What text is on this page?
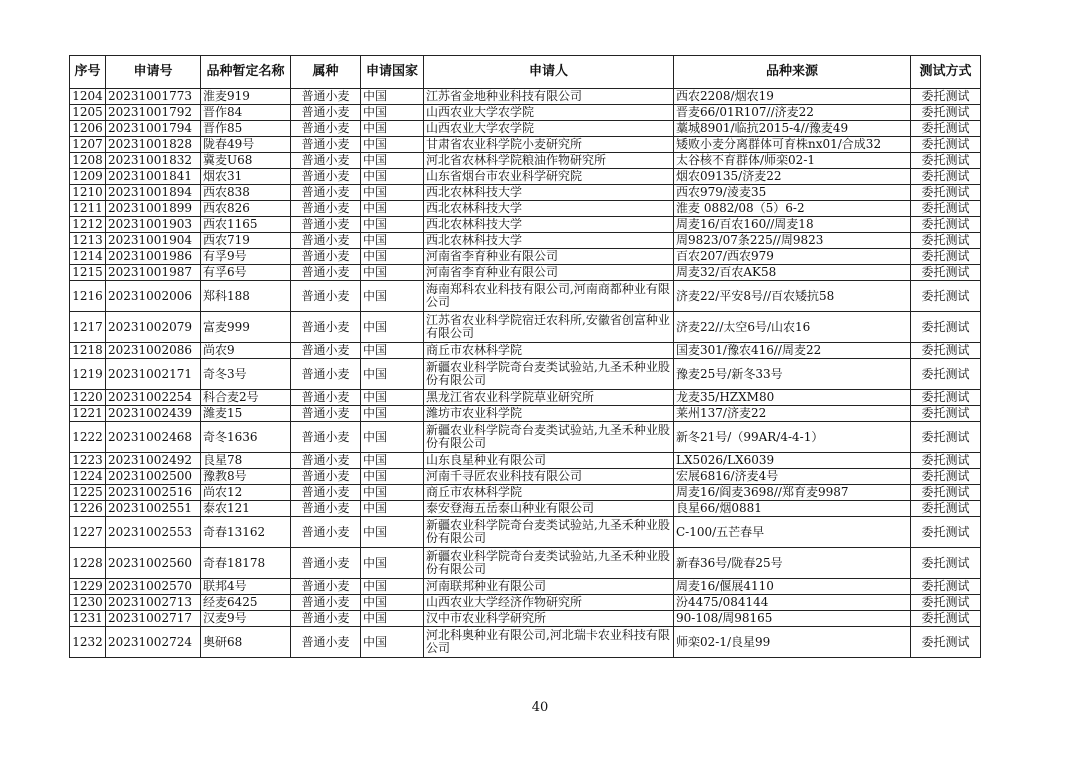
序号	申请号	品种暂定名称	属种	申请国家	申请人	品种来源	测试方式
1204	20231001773	淮麦919	普通小麦	中国	江苏省金地种业科技有限公司	西农2208/烟农19	委托测试
1205	20231001792	晋作84	普通小麦	中国	山西农业大学农学院	晋麦66/01R107//济麦22	委托测试
1206	20231001794	晋作85	普通小麦	中国	山西农业大学农学院	藁城8901/临抗2015-4//豫麦49	委托测试
1207	20231001828	陇春49号	普通小麦	中国	甘肃省农业科学院小麦研究所	矮败小麦分离群体可育株nx01/合成32	委托测试
1208	20231001832	冀麦U68	普通小麦	中国	河北省农林科学院粮油作物研究所	太谷核不育群体/师栾02-1	委托测试
1209	20231001841	烟农31	普通小麦	中国	山东省烟台市农业科学研究院	烟农09135/济麦22	委托测试
1210	20231001894	西农838	普通小麦	中国	西北农林科技大学	西农979/淩麦35	委托测试
1211	20231001899	西农826	普通小麦	中国	西北农林科技大学	淮麦 0882/08（5）6-2	委托测试
1212	20231001903	西农1165	普通小麦	中国	西北农林科技大学	周麦16/百农160//周麦18	委托测试
1213	20231001904	西农719	普通小麦	中国	西北农林科技大学	周9823/07条225//周9823	委托测试
1214	20231001986	有孚9号	普通小麦	中国	河南省李育种业有限公司	百农207/西农979	委托测试
1215	20231001987	有孚6号	普通小麦	中国	河南省李育种业有限公司	周麦32/百农AK58	委托测试
1216	20231002006	郑科188	普通小麦	中国	海南郑科农业科技有限公司,河南商都种业有限公司	济麦22/平安8号//百农矮抗58	委托测试
1217	20231002079	富麦999	普通小麦	中国	江苏省农业科学院宿迁农科所,安徽省创富种业有限公司	济麦22//太空6号/山农16	委托测试
1218	20231002086	尚农9	普通小麦	中国	商丘市农林科学院	国麦301/豫农416//周麦22	委托测试
1219	20231002171	奇冬3号	普通小麦	中国	新疆农业科学院奇台麦类试验站,九圣禾种业股份有限公司	豫麦25号/新冬33号	委托测试
1220	20231002254	科合麦2号	普通小麦	中国	黑龙江省农业科学院草业研究所	龙麦35/HZXM80	委托测试
1221	20231002439	潍麦15	普通小麦	中国	潍坊市农业科学院	莱州137/济麦22	委托测试
1222	20231002468	奇冬1636	普通小麦	中国	新疆农业科学院奇台麦类试验站,九圣禾种业股份有限公司	新冬21号/（99AR/4-4-1）	委托测试
1223	20231002492	良星78	普通小麦	中国	山东良星种业有限公司	LX5026/LX6039	委托测试
1224	20231002500	豫教8号	普通小麦	中国	河南千寻匠农业科技有限公司	宏展6816/济麦4号	委托测试
1225	20231002516	尚农12	普通小麦	中国	商丘市农林科学院	周麦16/阎麦3698//郑育麦9987	委托测试
1226	20231002551	泰农121	普通小麦	中国	泰安登海五岳泰山种业有限公司	良星66/烟0881	委托测试
1227	20231002553	奇春13162	普通小麦	中国	新疆农业科学院奇台麦类试验站,九圣禾种业股份有限公司	C-100/五芒春早	委托测试
1228	20231002560	奇春18178	普通小麦	中国	新疆农业科学院奇台麦类试验站,九圣禾种业股份有限公司	新春36号/陇春25号	委托测试
1229	20231002570	联邦4号	普通小麦	中国	河南联邦种业有限公司	周麦16/偃展4110	委托测试
1230	20231002713	经麦6425	普通小麦	中国	山西农业大学经济作物研究所	汾4475/084144	委托测试
1231	20231002717	汉麦9号	普通小麦	中国	汉中市农业科学研究所	90-108/周98165	委托测试
1232	20231002724	奥研68	普通小麦	中国	河北科奥种业有限公司,河北瑞卡农业科技有限公司	师栾02-1/良星99	委托测试
40
